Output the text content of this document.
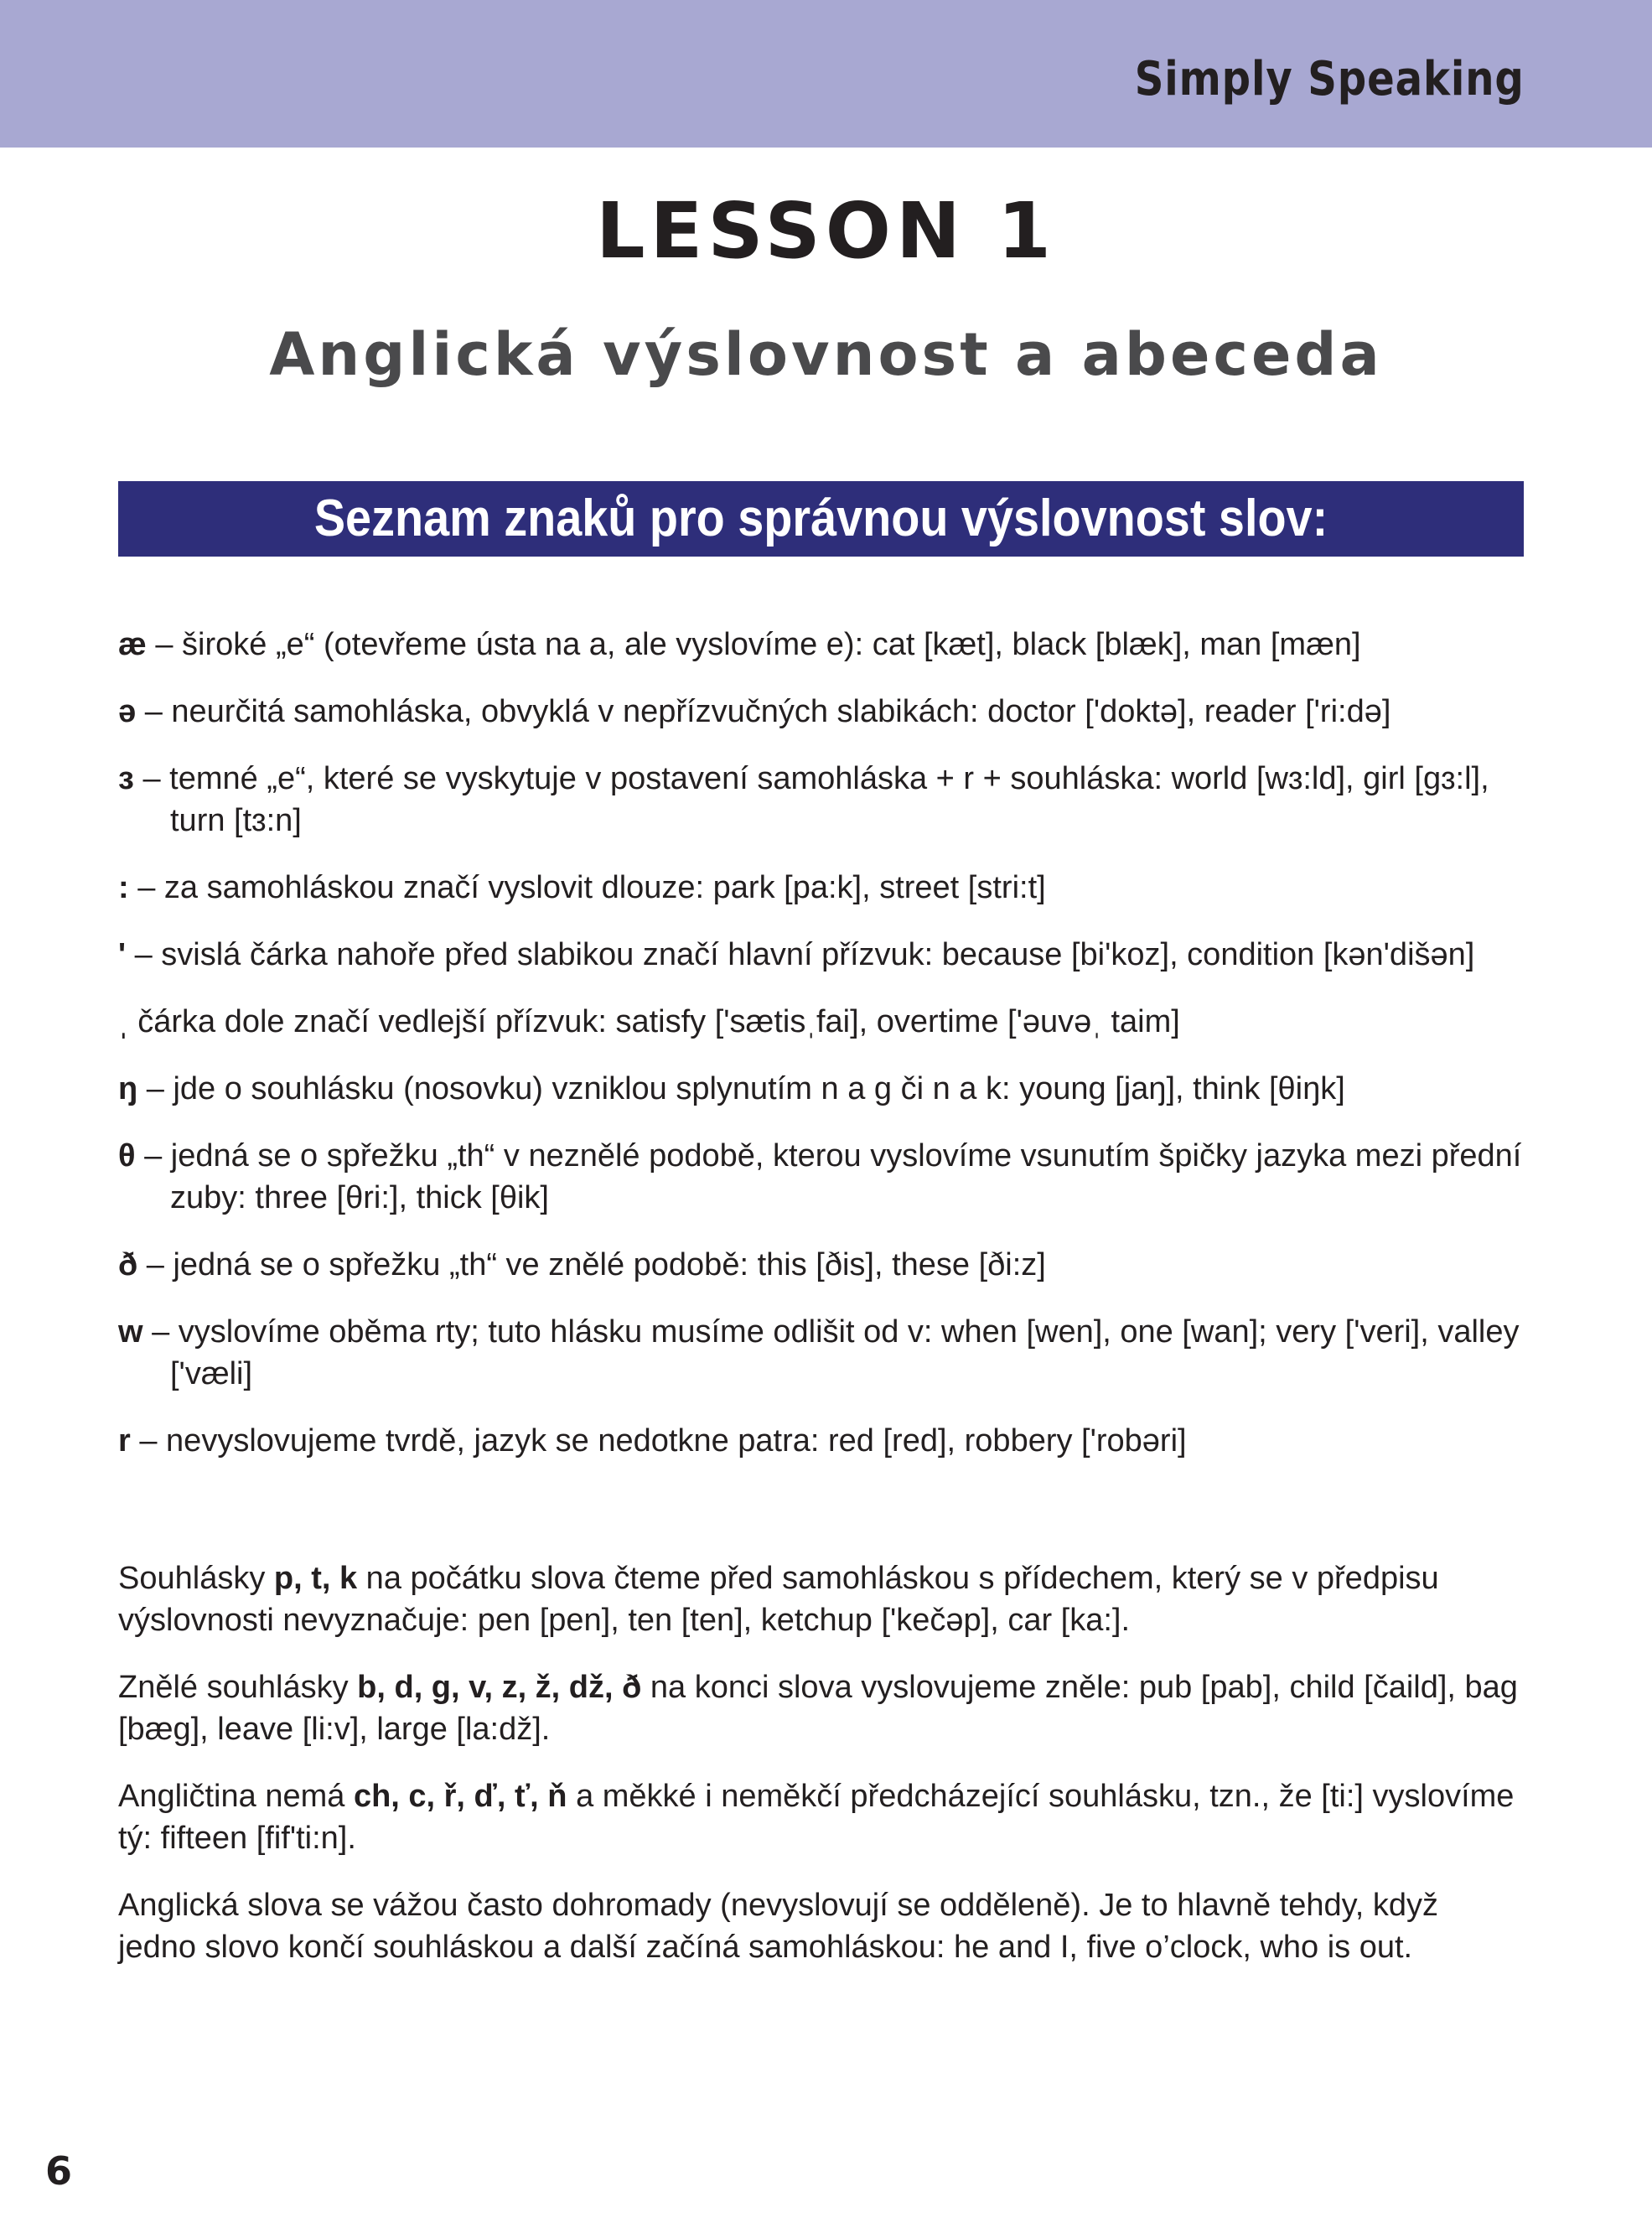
Simply Speaking
LESSON 1
Anglická výslovnost a abeceda
Seznam znaků pro správnou výslovnost slov:

æ – široké „e“ (otevřeme ústa na a, ale vyslovíme e): cat [kæt], black [blæk], man [mæn]

ə – neurčitá samohláska, obvyklá v nepřízvučných slabikách: doctor ['doktə], reader ['ri:də]

ɜ – temné „e“, které se vyskytuje v postavení samohláska + r + souhláska: world [wɜ:ld], girl [gɜ:l], turn [tɜ:n]

: – za samohláskou značí vyslovit dlouze: park [pa:k], street [stri:t]

' – svislá čárka nahoře před slabikou značí hlavní přízvuk: because [bi'koz], condition [kən'dišən]

ˌ čárka dole značí vedlejší přízvuk: satisfy ['sætisˌfai], overtime ['əuvəˌ taim]

ŋ – jde o souhlásku (nosovku) vzniklou splynutím n a g či n a k: young [jaŋ], think [θiŋk]

θ – jedná se o spřežku „th“ v neznělé podobě, kterou vyslovíme vsunutím špičky jazyka mezi přední zuby: three [θri:], thick [θik]

ð – jedná se o spřežku „th“ ve znělé podobě: this [ðis], these [ði:z]

w – vyslovíme oběma rty; tuto hlásku musíme odlišit od v: when [wen], one [wan]; very ['veri], valley ['væli]

r – nevyslovujeme tvrdě, jazyk se nedotkne patra: red [red], robbery ['robəri]

Souhlásky p, t, k na počátku slova čteme před samohláskou s přídechem, který se v předpisu výslovnosti nevyznačuje: pen [pen], ten [ten], ketchup ['kečəp], car [ka:].

Znělé souhlásky b, d, g, v, z, ž, dž, ð na konci slova vyslovujeme zněle: pub [pab], child [čaild], bag [bæg], leave [li:v], large [la:dž].

Angličtina nemá ch, c, ř, ď, ť, ň a měkké i neměkčí předcházející souhlásku, tzn., že [ti:] vyslovíme tý: fifteen [fif'ti:n].

Anglická slova se vážou často dohromady (nevyslovují se odděleně). Je to hlavně tehdy, když jedno slovo končí souhláskou a další začíná samohláskou: he and I, five o’clock, who is out.

6
